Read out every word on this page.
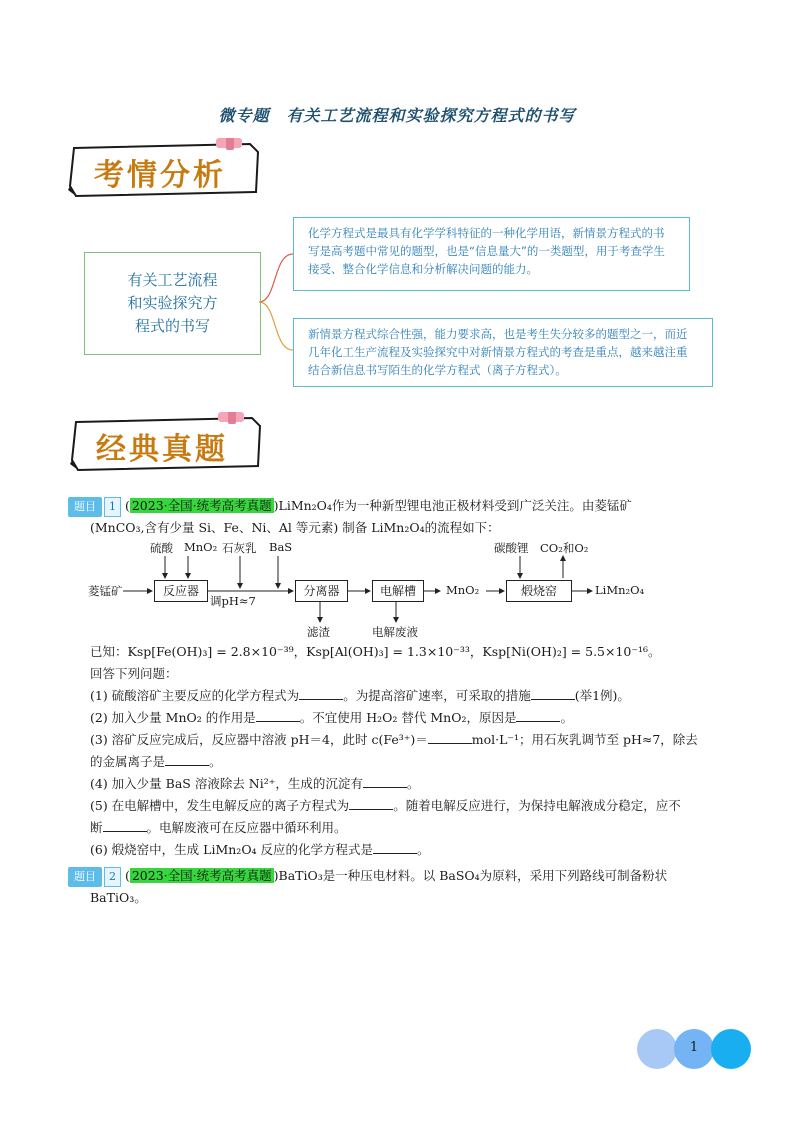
微专题　有关工艺流程和实验探究方程式的书写
考情分析
有关工艺流程
和实验探究方
程式的书写
化学方程式是最具有化学学科特征的一种化学用语，新情景方程式的书写是高考题中常见的题型，也是“信息量大”的一类题型，用于考查学生接受、整合化学信息和分析解决问题的能力。
新情景方程式综合性强，能力要求高，也是考生失分较多的题型之一，而近几年化工生产流程及实验探究中对新情景方程式的考查是重点，越来越注重结合新信息书写陌生的化学方程式（离子方程式）。
经典真题
题目 1 ( 2023·全国·统考高考真题 )LiMn₂O₄作为一种新型锂电池正极材料受到广泛关注。由菱锰矿
(MnCO₃,含有少量 Si、Fe、Ni、Al 等元素) 制备 LiMn₂O₄的流程如下：
菱锰矿
硫酸 MnO₂ 石灰乳 BaS
反应器
调pH≈7
分离器
滤渣
电解槽
电解废液
MnO₂
碳酸锂 CO₂和O₂
煅烧窑	LiMn₂O₄
已知：Ksp[Fe(OH)₃] = 2.8×10⁻³⁹，Ksp[Al(OH)₃] = 1.3×10⁻³³，Ksp[Ni(OH)₂] = 5.5×10⁻¹⁶。
回答下列问题：
(1) 硫酸溶矿主要反应的化学方程式为	。为提高溶矿速率，可采取的措施	(举1例)。
(2) 加入少量 MnO₂ 的作用是	。不宜使用 H₂O₂ 替代 MnO₂，原因是	。
(3) 溶矿反应完成后，反应器中溶液 pH＝4，此时 c(Fe³⁺)＝	mol·L⁻¹；用石灰乳调节至 pH≈7，除去
的金属离子是	。
(4) 加入少量 BaS 溶液除去 Ni²⁺，生成的沉淀有	。
(5) 在电解槽中，发生电解反应的离子方程式为	。随着电解反应进行，为保持电解液成分稳定，应不
断	。电解废液可在反应器中循环利用。
(6) 煅烧窑中，生成 LiMn₂O₄ 反应的化学方程式是	。
题目 2 ( 2023·全国·统考高考真题 )BaTiO₃是一种压电材料。以 BaSO₄为原料，采用下列路线可制备粉状
BaTiO₃。
1
